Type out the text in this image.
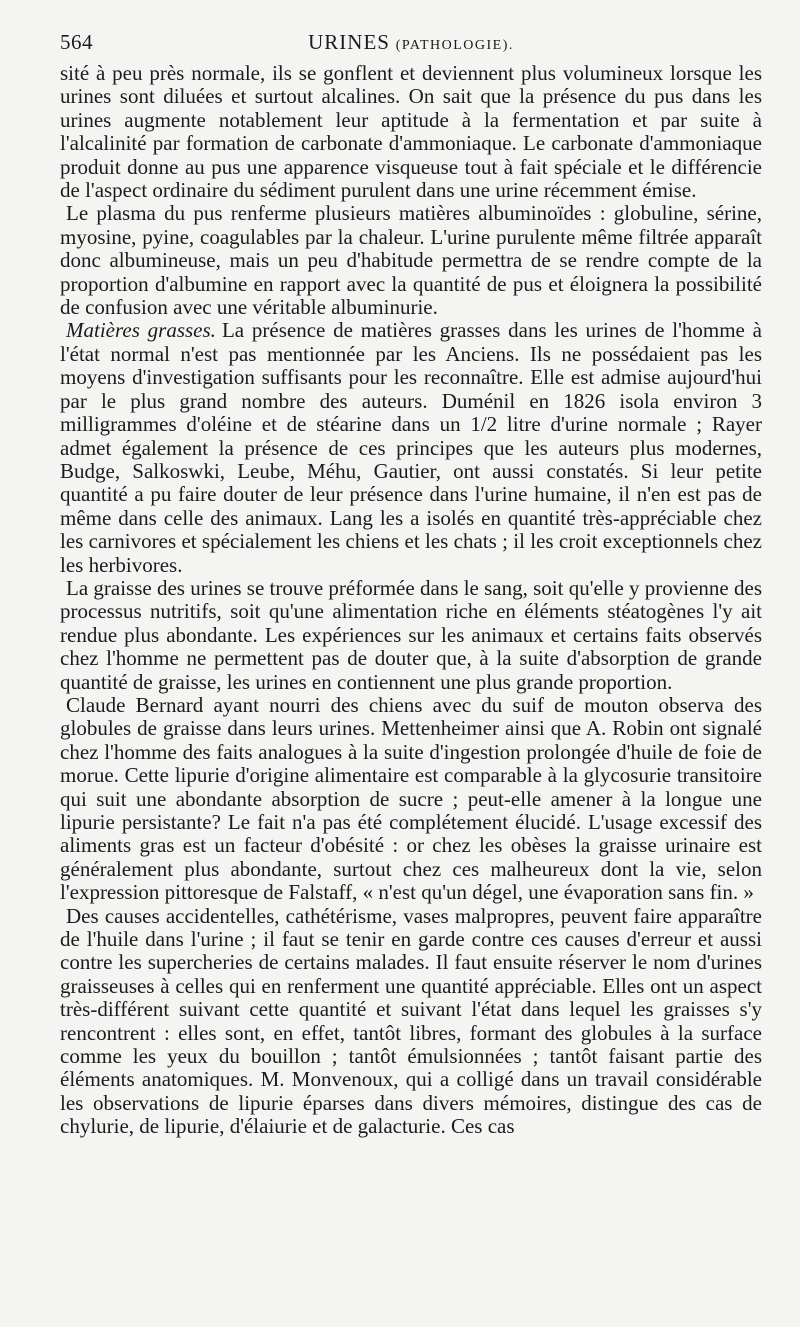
564	URINES (PATHOLOGIE).

sité à peu près normale, ils se gonflent et deviennent plus volumineux lorsque les urines sont diluées et surtout alcalines. On sait que la présence du pus dans les urines augmente notablement leur aptitude à la fermentation et par suite à l'alcalinité par formation de carbonate d'ammoniaque. Le carbonate d'ammoniaque produit donne au pus une apparence visqueuse tout à fait spéciale et le différencie de l'aspect ordinaire du sédiment purulent dans une urine récemment émise.

Le plasma du pus renferme plusieurs matières albuminoïdes : globuline, sérine, myosine, pyine, coagulables par la chaleur. L'urine purulente même filtrée apparaît donc albumineuse, mais un peu d'habitude permettra de se rendre compte de la proportion d'albumine en rapport avec la quantité de pus et éloignera la possibilité de confusion avec une véritable albuminurie.

Matières grasses. La présence de matières grasses dans les urines de l'homme à l'état normal n'est pas mentionnée par les Anciens. Ils ne possédaient pas les moyens d'investigation suffisants pour les reconnaître. Elle est admise aujourd'hui par le plus grand nombre des auteurs. Duménil en 1826 isola environ 3 milligrammes d'oléine et de stéarine dans un 1/2 litre d'urine normale ; Rayer admet également la présence de ces principes que les auteurs plus modernes, Budge, Salkoswki, Leube, Méhu, Gautier, ont aussi constatés. Si leur petite quantité a pu faire douter de leur présence dans l'urine humaine, il n'en est pas de même dans celle des animaux. Lang les a isolés en quantité très-appréciable chez les carnivores et spécialement les chiens et les chats ; il les croit exceptionnels chez les herbivores.

La graisse des urines se trouve préformée dans le sang, soit qu'elle y provienne des processus nutritifs, soit qu'une alimentation riche en éléments stéatogènes l'y ait rendue plus abondante. Les expériences sur les animaux et certains faits observés chez l'homme ne permettent pas de douter que, à la suite d'absorption de grande quantité de graisse, les urines en contiennent une plus grande proportion.

Claude Bernard ayant nourri des chiens avec du suif de mouton observa des globules de graisse dans leurs urines. Mettenheimer ainsi que A. Robin ont signalé chez l'homme des faits analogues à la suite d'ingestion prolongée d'huile de foie de morue. Cette lipurie d'origine alimentaire est comparable à la glycosurie transitoire qui suit une abondante absorption de sucre ; peut-elle amener à la longue une lipurie persistante? Le fait n'a pas été complétement élucidé. L'usage excessif des aliments gras est un facteur d'obésité : or chez les obèses la graisse urinaire est généralement plus abondante, surtout chez ces malheureux dont la vie, selon l'expression pittoresque de Falstaff, « n'est qu'un dégel, une évaporation sans fin. »

Des causes accidentelles, cathétérisme, vases malpropres, peuvent faire apparaître de l'huile dans l'urine ; il faut se tenir en garde contre ces causes d'erreur et aussi contre les supercheries de certains malades. Il faut ensuite réserver le nom d'urines graisseuses à celles qui en renferment une quantité appréciable. Elles ont un aspect très-différent suivant cette quantité et suivant l'état dans lequel les graisses s'y rencontrent : elles sont, en effet, tantôt libres, formant des globules à la surface comme les yeux du bouillon ; tantôt émulsionnées ; tantôt faisant partie des éléments anatomiques. M. Monvenoux, qui a colligé dans un travail considérable les observations de lipurie éparses dans divers mémoires, distingue des cas de chylurie, de lipurie, d'élaiurie et de galacturie. Ces cas
